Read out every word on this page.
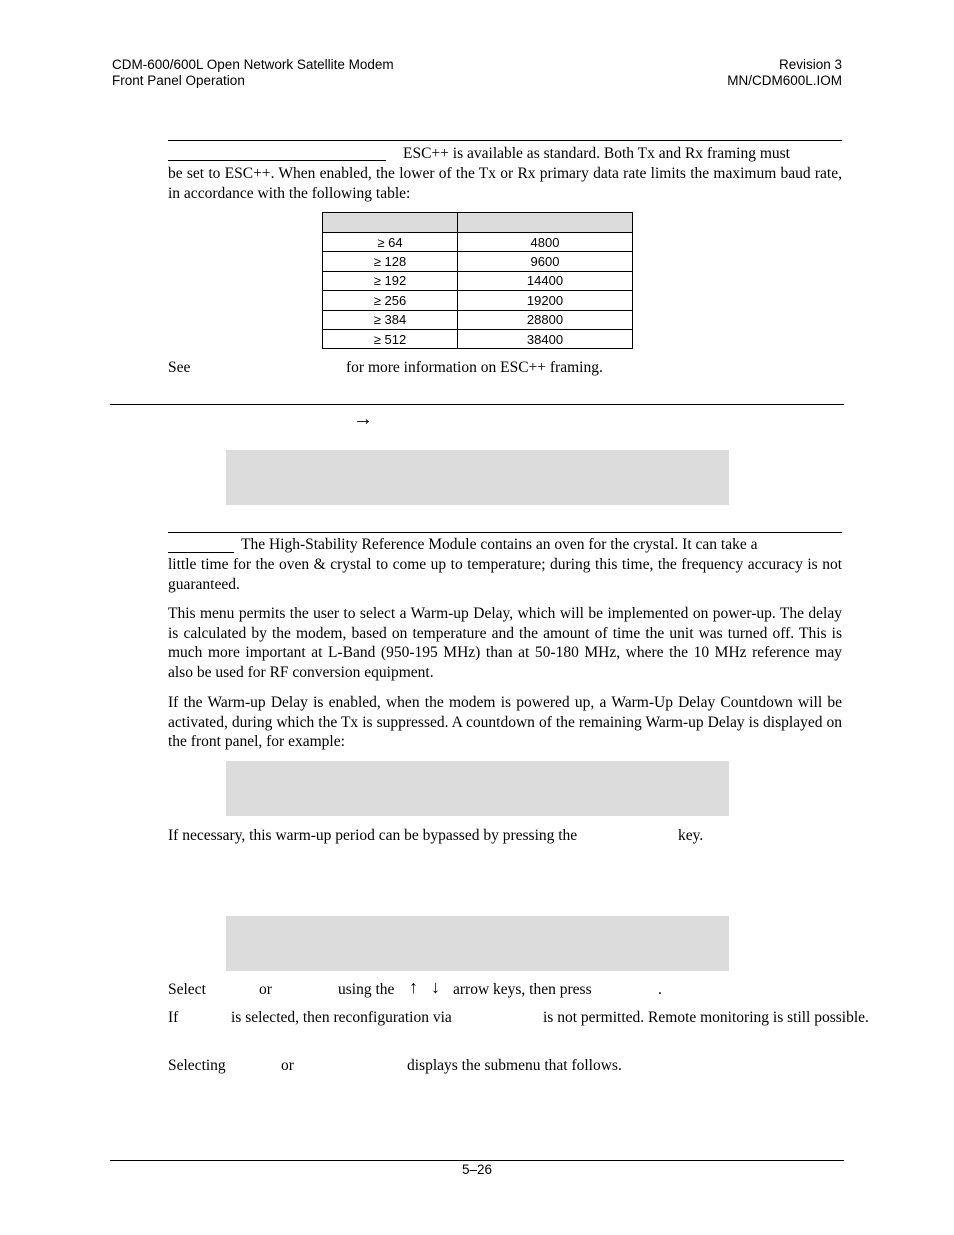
CDM-600/600L Open Network Satellite Modem
Front Panel Operation
Revision 3
MN/CDM600L.IOM
ESC++ is available as standard. Both Tx and Rx framing must
be set to ESC++. When enabled, the lower of the Tx or Rx primary data rate limits the maximum baud rate, in accordance with the following table:

≥ 64	4800
≥ 128	9600
≥ 192	14400
≥ 256	19200
≥ 384	28800
≥ 512	38400
See	for more information on ESC++ framing.
→
The High-Stability Reference Module contains an oven for the crystal. It can take a
little time for the oven & crystal to come up to temperature; during this time, the frequency accuracy is not guaranteed.
This menu permits the user to select a Warm-up Delay, which will be implemented on power-up. The delay is calculated by the modem, based on temperature and the amount of time the unit was turned off. This is much more important at L-Band (950-195 MHz) than at 50-180 MHz, where the 10 MHz reference may also be used for RF conversion equipment.
If the Warm-up Delay is enabled, when the modem is powered up, a Warm-Up Delay Countdown will be activated, during which the Tx is suppressed. A countdown of the remaining Warm-up Delay is displayed on the front panel, for example:
If necessary, this warm-up period can be bypassed by pressing the	key.
Select	or	using the ↑ ↓ arrow keys, then press	.
If	is selected, then reconfiguration via	is not permitted. Remote monitoring is still possible.
Selecting	or	displays the submenu that follows.
5–26
